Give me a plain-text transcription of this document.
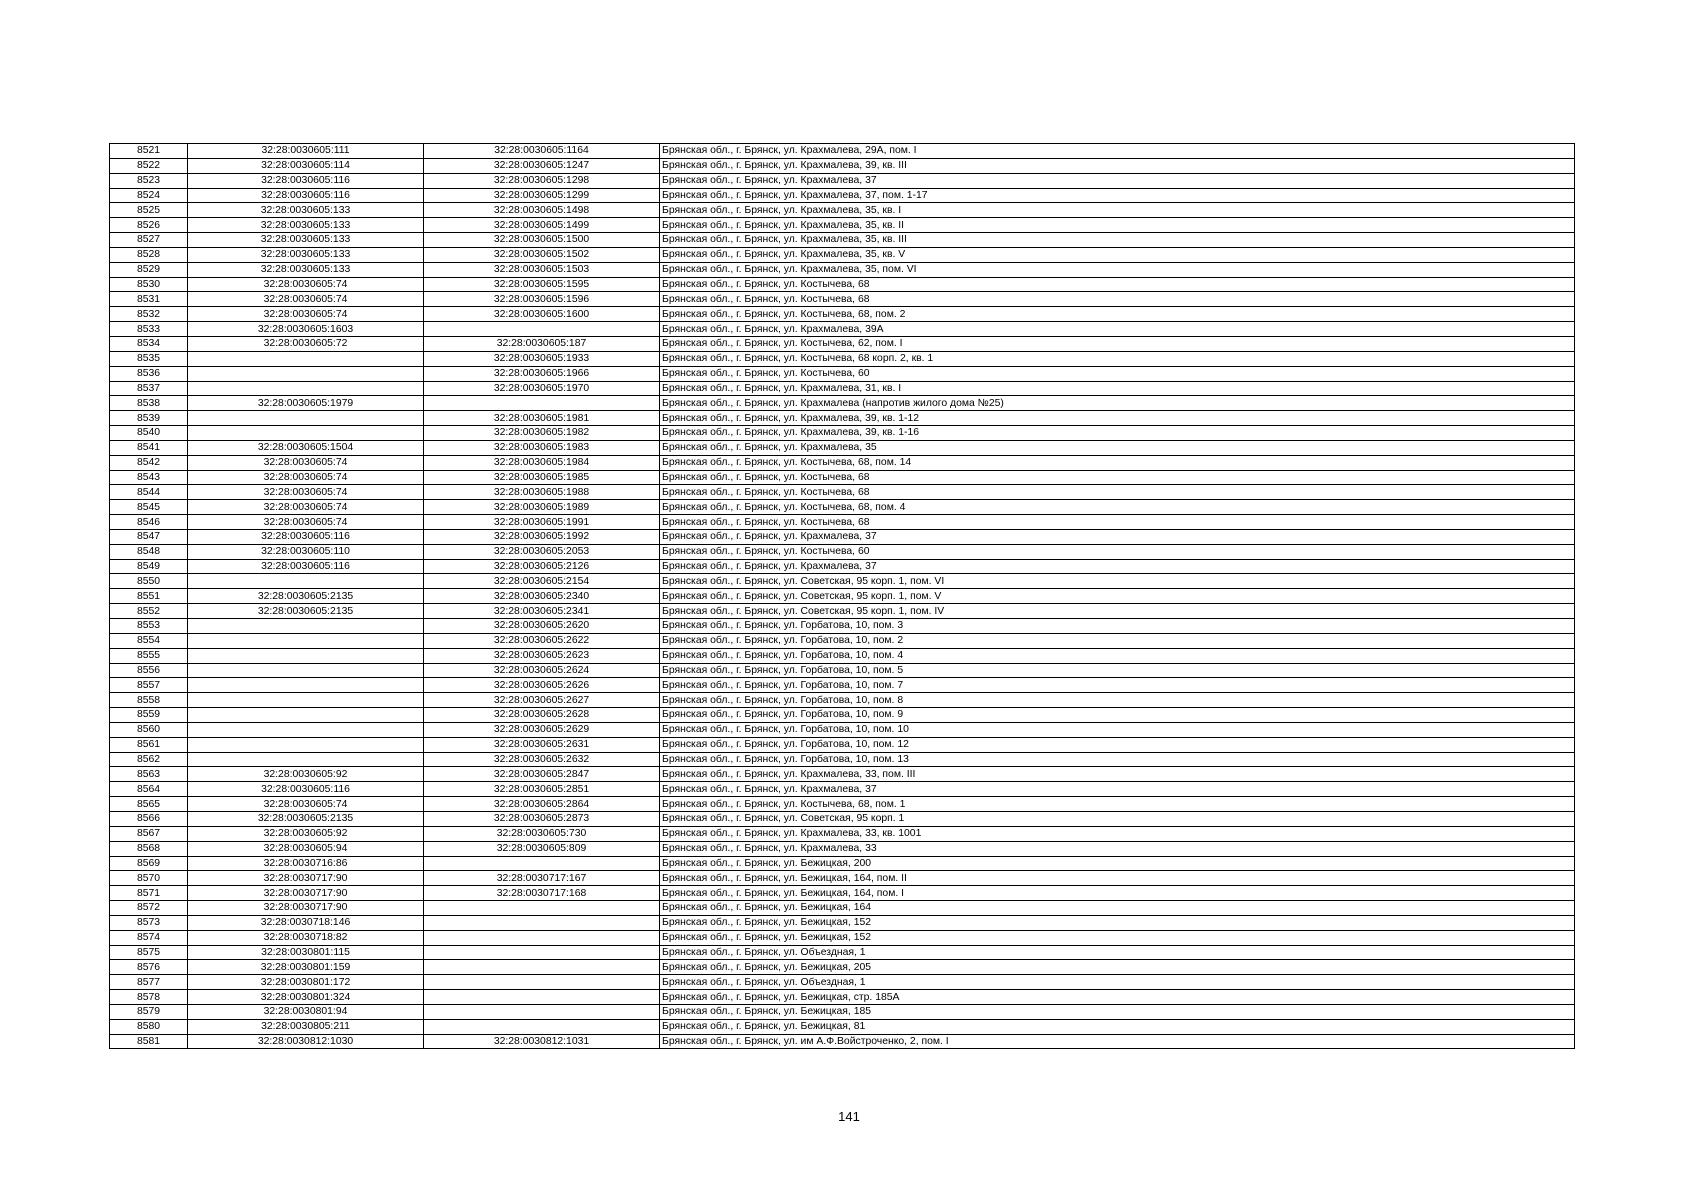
8521	32:28:0030605:111	32:28:0030605:1164	Брянская обл., г. Брянск, ул. Крахмалева, 29А, пом. I
8522	32:28:0030605:114	32:28:0030605:1247	Брянская обл., г. Брянск, ул. Крахмалева, 39, кв. III
8523	32:28:0030605:116	32:28:0030605:1298	Брянская обл., г. Брянск, ул. Крахмалева, 37
8524	32:28:0030605:116	32:28:0030605:1299	Брянская обл., г. Брянск, ул. Крахмалева, 37, пом. 1-17
8525	32:28:0030605:133	32:28:0030605:1498	Брянская обл., г. Брянск, ул. Крахмалева, 35, кв. I
8526	32:28:0030605:133	32:28:0030605:1499	Брянская обл., г. Брянск, ул. Крахмалева, 35, кв. II
8527	32:28:0030605:133	32:28:0030605:1500	Брянская обл., г. Брянск, ул. Крахмалева, 35, кв. III
8528	32:28:0030605:133	32:28:0030605:1502	Брянская обл., г. Брянск, ул. Крахмалева, 35, кв. V
8529	32:28:0030605:133	32:28:0030605:1503	Брянская обл., г. Брянск, ул. Крахмалева, 35, пом. VI
8530	32:28:0030605:74	32:28:0030605:1595	Брянская обл., г. Брянск, ул. Костычева, 68
8531	32:28:0030605:74	32:28:0030605:1596	Брянская обл., г. Брянск, ул. Костычева, 68
8532	32:28:0030605:74	32:28:0030605:1600	Брянская обл., г. Брянск, ул. Костычева, 68, пом. 2
8533	32:28:0030605:1603		Брянская обл., г. Брянск, ул. Крахмалева, 39А
8534	32:28:0030605:72	32:28:0030605:187	Брянская обл., г. Брянск, ул. Костычева, 62, пом. I
8535		32:28:0030605:1933	Брянская обл., г. Брянск, ул. Костычева, 68 корп. 2, кв. 1
8536		32:28:0030605:1966	Брянская обл., г. Брянск, ул. Костычева, 60
8537		32:28:0030605:1970	Брянская обл., г. Брянск, ул. Крахмалева, 31, кв. I
8538	32:28:0030605:1979		Брянская обл., г. Брянск, ул. Крахмалева (напротив жилого дома №25)
8539		32:28:0030605:1981	Брянская обл., г. Брянск, ул. Крахмалева, 39, кв. 1-12
8540		32:28:0030605:1982	Брянская обл., г. Брянск, ул. Крахмалева, 39, кв. 1-16
8541	32:28:0030605:1504	32:28:0030605:1983	Брянская обл., г. Брянск, ул. Крахмалева, 35
8542	32:28:0030605:74	32:28:0030605:1984	Брянская обл., г. Брянск, ул. Костычева, 68, пом. 14
8543	32:28:0030605:74	32:28:0030605:1985	Брянская обл., г. Брянск, ул. Костычева, 68
8544	32:28:0030605:74	32:28:0030605:1988	Брянская обл., г. Брянск, ул. Костычева, 68
8545	32:28:0030605:74	32:28:0030605:1989	Брянская обл., г. Брянск, ул. Костычева, 68, пом. 4
8546	32:28:0030605:74	32:28:0030605:1991	Брянская обл., г. Брянск, ул. Костычева, 68
8547	32:28:0030605:116	32:28:0030605:1992	Брянская обл., г. Брянск, ул. Крахмалева, 37
8548	32:28:0030605:110	32:28:0030605:2053	Брянская обл., г. Брянск, ул. Костычева, 60
8549	32:28:0030605:116	32:28:0030605:2126	Брянская обл., г. Брянск, ул. Крахмалева, 37
8550		32:28:0030605:2154	Брянская обл., г. Брянск, ул. Советская, 95 корп. 1, пом. VI
8551	32:28:0030605:2135	32:28:0030605:2340	Брянская обл., г. Брянск, ул. Советская, 95 корп. 1, пом. V
8552	32:28:0030605:2135	32:28:0030605:2341	Брянская обл., г. Брянск, ул. Советская, 95 корп. 1, пом. IV
8553		32:28:0030605:2620	Брянская обл., г. Брянск, ул. Горбатова, 10, пом. 3
8554		32:28:0030605:2622	Брянская обл., г. Брянск, ул. Горбатова, 10, пом. 2
8555		32:28:0030605:2623	Брянская обл., г. Брянск, ул. Горбатова, 10, пом. 4
8556		32:28:0030605:2624	Брянская обл., г. Брянск, ул. Горбатова, 10, пом. 5
8557		32:28:0030605:2626	Брянская обл., г. Брянск, ул. Горбатова, 10, пом. 7
8558		32:28:0030605:2627	Брянская обл., г. Брянск, ул. Горбатова, 10, пом. 8
8559		32:28:0030605:2628	Брянская обл., г. Брянск, ул. Горбатова, 10, пом. 9
8560		32:28:0030605:2629	Брянская обл., г. Брянск, ул. Горбатова, 10, пом. 10
8561		32:28:0030605:2631	Брянская обл., г. Брянск, ул. Горбатова, 10, пом. 12
8562		32:28:0030605:2632	Брянская обл., г. Брянск, ул. Горбатова, 10, пом. 13
8563	32:28:0030605:92	32:28:0030605:2847	Брянская обл., г. Брянск, ул. Крахмалева, 33, пом. III
8564	32:28:0030605:116	32:28:0030605:2851	Брянская обл., г. Брянск, ул. Крахмалева, 37
8565	32:28:0030605:74	32:28:0030605:2864	Брянская обл., г. Брянск, ул. Костычева, 68, пом. 1
8566	32:28:0030605:2135	32:28:0030605:2873	Брянская обл., г. Брянск, ул. Советская, 95 корп. 1
8567	32:28:0030605:92	32:28:0030605:730	Брянская обл., г. Брянск, ул. Крахмалева, 33, кв. 1001
8568	32:28:0030605:94	32:28:0030605:809	Брянская обл., г. Брянск, ул. Крахмалева, 33
8569	32:28:0030716:86		Брянская обл., г. Брянск, ул. Бежицкая, 200
8570	32:28:0030717:90	32:28:0030717:167	Брянская обл., г. Брянск, ул. Бежицкая, 164, пом. II
8571	32:28:0030717:90	32:28:0030717:168	Брянская обл., г. Брянск, ул. Бежицкая, 164, пом. I
8572	32:28:0030717:90		Брянская обл., г. Брянск, ул. Бежицкая, 164
8573	32:28:0030718:146		Брянская обл., г. Брянск, ул. Бежицкая, 152
8574	32:28:0030718:82		Брянская обл., г. Брянск, ул. Бежицкая, 152
8575	32:28:0030801:115		Брянская обл., г. Брянск, ул. Объездная, 1
8576	32:28:0030801:159		Брянская обл., г. Брянск, ул. Бежицкая, 205
8577	32:28:0030801:172		Брянская обл., г. Брянск, ул. Объездная, 1
8578	32:28:0030801:324		Брянская обл., г. Брянск, ул. Бежицкая, стр. 185А
8579	32:28:0030801:94		Брянская обл., г. Брянск, ул. Бежицкая, 185
8580	32:28:0030805:211		Брянская обл., г. Брянск, ул. Бежицкая, 81
8581	32:28:0030812:1030	32:28:0030812:1031	Брянская обл., г. Брянск, ул. им А.Ф.Войстроченко, 2, пом. I
141
